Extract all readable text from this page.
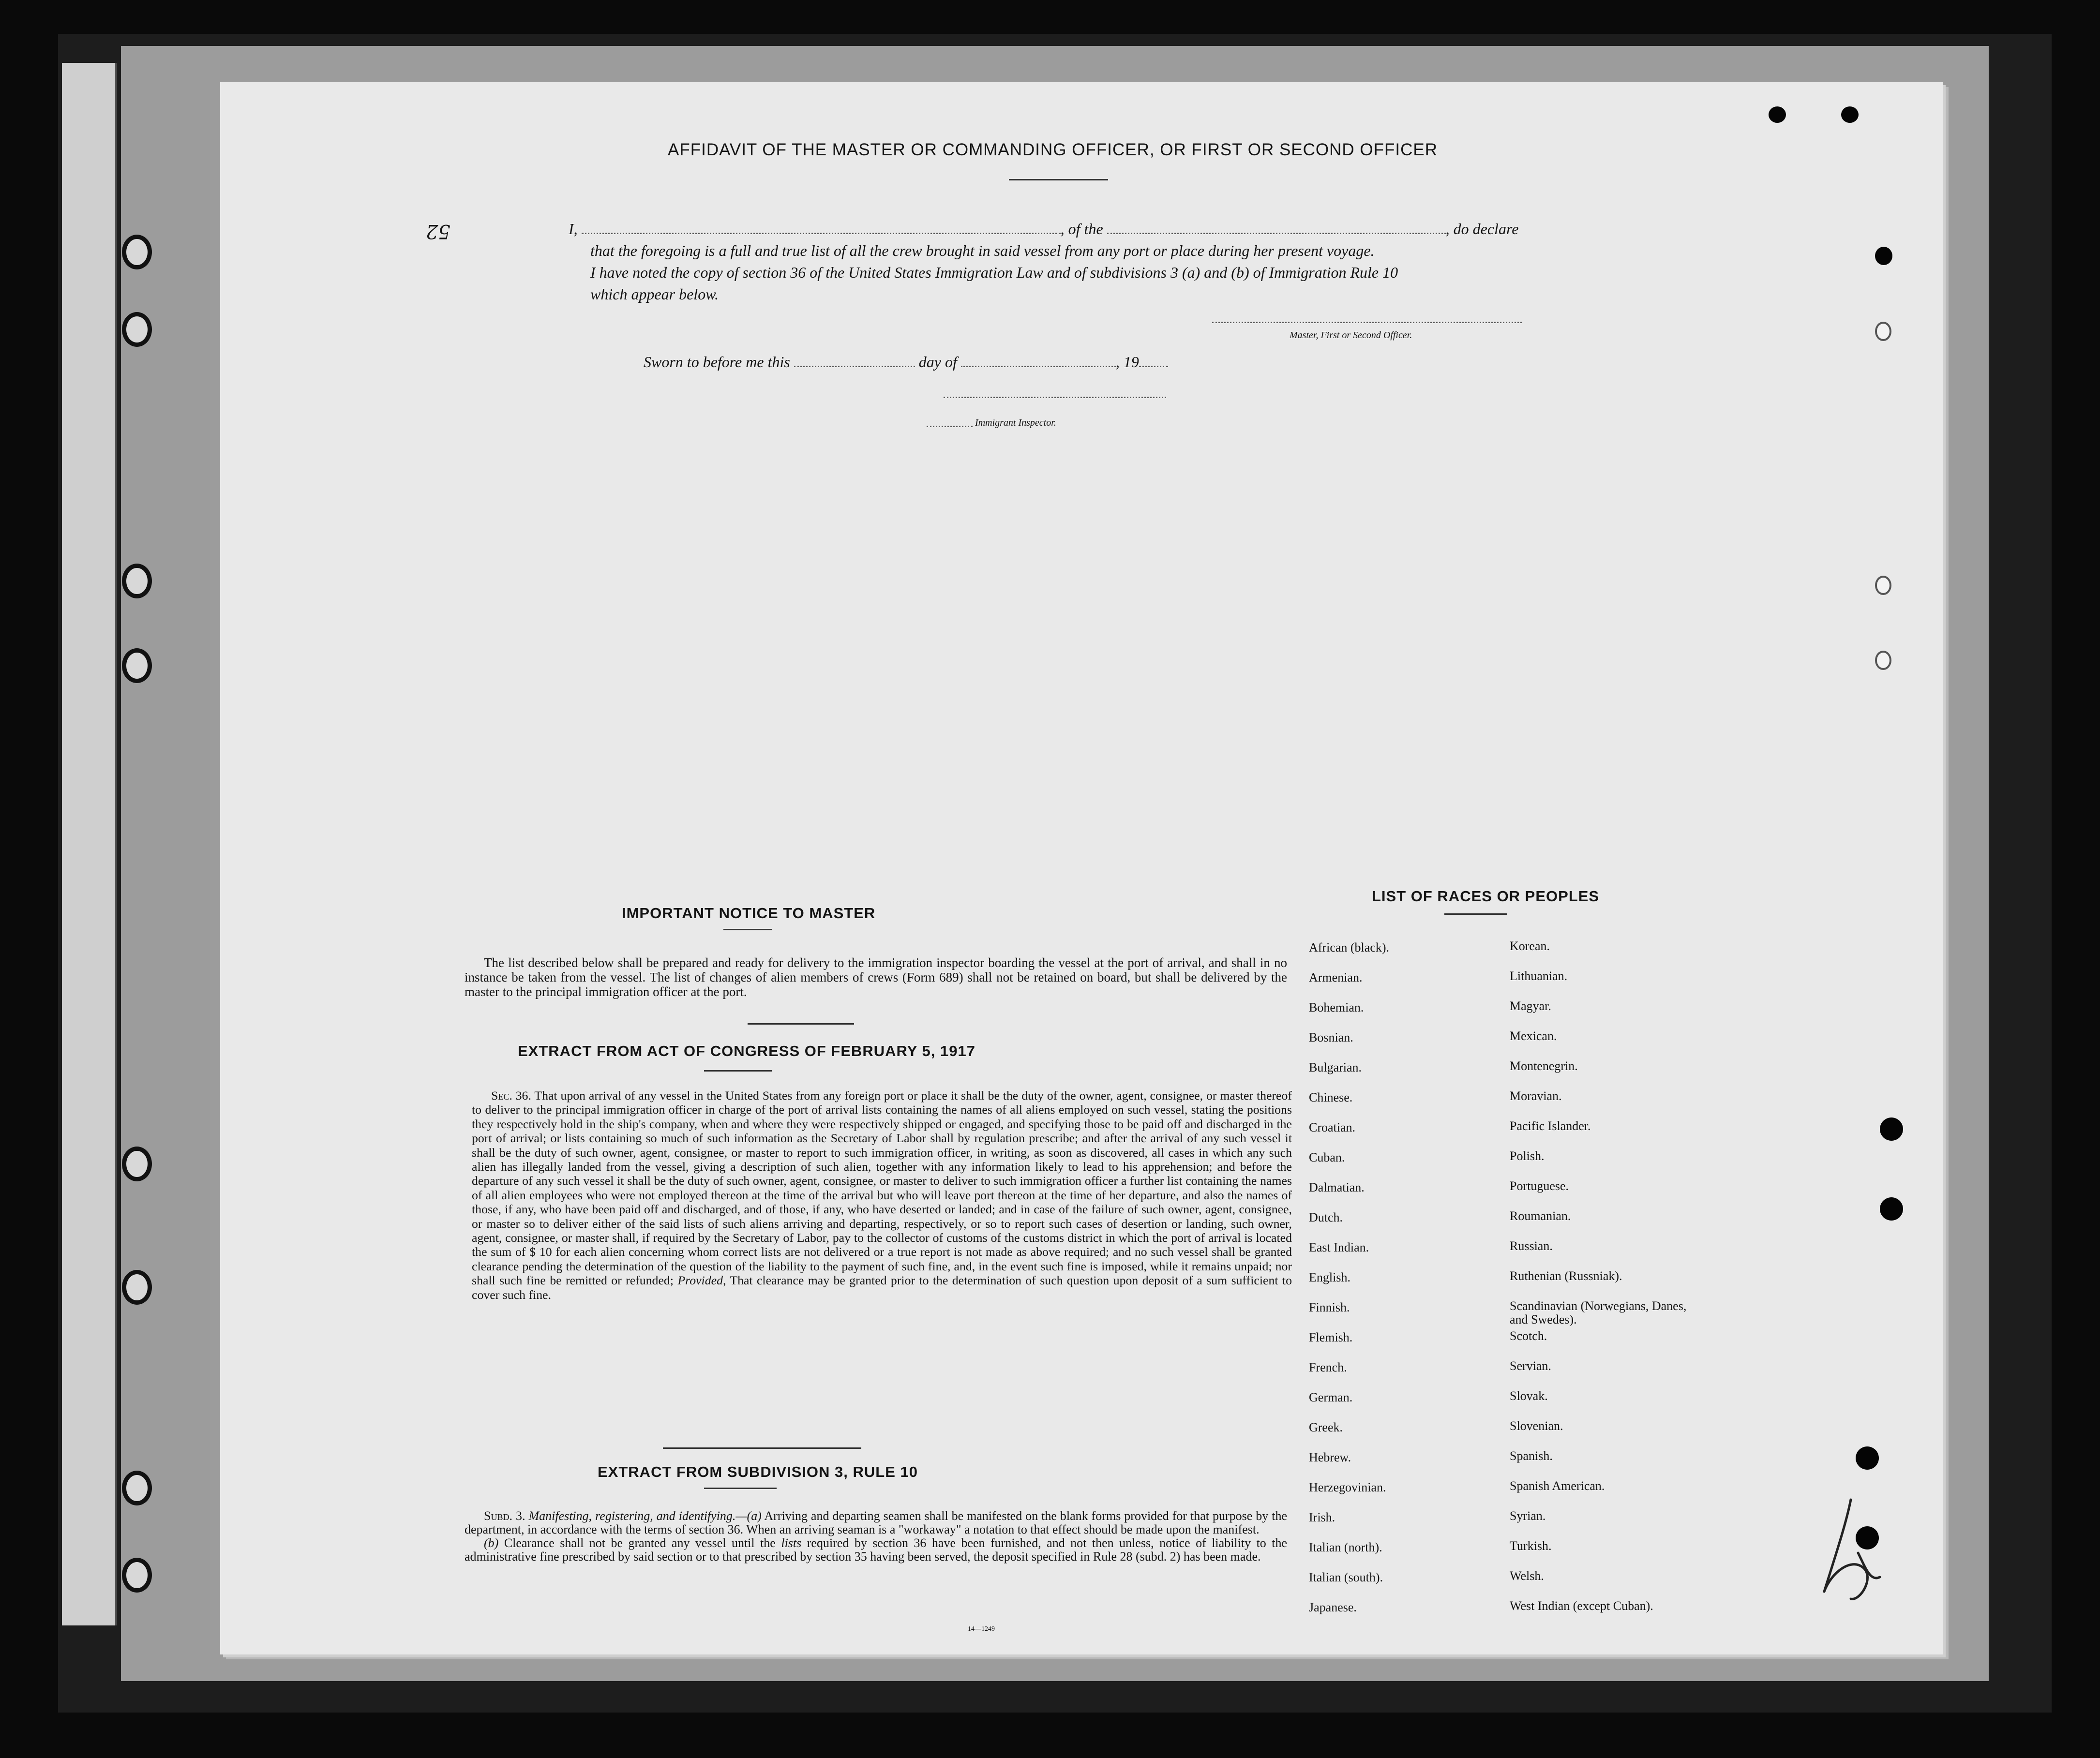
52
AFFIDAVIT OF THE MASTER OR COMMANDING OFFICER, OR FIRST OR SECOND OFFICER
I,	, of the	, do declare
that the foregoing is a full and true list of all the crew brought in said vessel from any port or place during her present voyage.
I have noted the copy of section 36 of the United States Immigration Law and of subdivisions 3 (a) and (b) of Immigration Rule 10
which appear below.
Master, First or Second Officer.
Sworn to before me this	day of	, 19
Immigrant Inspector.
IMPORTANT NOTICE TO MASTER
The list described below shall be prepared and ready for delivery to the immigration inspector boarding the vessel at the port of arrival, and shall in no instance be taken from the vessel. The list of changes of alien members of crews (Form 689) shall not be retained on board, but shall be delivered by the master to the principal immigration officer at the port.
EXTRACT FROM ACT OF CONGRESS OF FEBRUARY 5, 1917
Sec. 36. That upon arrival of any vessel in the United States from any foreign port or place it shall be the duty of the owner, agent, consignee, or master thereof to deliver to the principal immigration officer in charge of the port of arrival lists containing the names of all aliens employed on such vessel, stating the positions they respectively hold in the ship's company, when and where they were respectively shipped or engaged, and specifying those to be paid off and discharged in the port of arrival; or lists containing so much of such information as the Secretary of Labor shall by regulation prescribe; and after the arrival of any such vessel it shall be the duty of such owner, agent, consignee, or master to report to such immigration officer, in writing, as soon as discovered, all cases in which any such alien has illegally landed from the vessel, giving a description of such alien, together with any information likely to lead to his apprehension; and before the departure of any such vessel it shall be the duty of such owner, agent, consignee, or master to deliver to such immigration officer a further list containing the names of all alien employees who were not employed thereon at the time of the arrival but who will leave port thereon at the time of her departure, and also the names of those, if any, who have been paid off and discharged, and of those, if any, who have deserted or landed; and in case of the failure of such owner, agent, consignee, or master so to deliver either of the said lists of such aliens arriving and departing, respectively, or so to report such cases of desertion or landing, such owner, agent, consignee, or master shall, if required by the Secretary of Labor, pay to the collector of customs of the customs district in which the port of arrival is located the sum of $ 10 for each alien concerning whom correct lists are not delivered or a true report is not made as above required; and no such vessel shall be granted clearance pending the determination of the question of the liability to the payment of such fine, and, in the event such fine is imposed, while it remains unpaid; nor shall such fine be remitted or refunded; Provided, That clearance may be granted prior to the determination of such question upon deposit of a sum sufficient to cover such fine.
EXTRACT FROM SUBDIVISION 3, RULE 10
Subd. 3. Manifesting, registering, and identifying.—(a) Arriving and departing seamen shall be manifested on the blank forms provided for that purpose by the department, in accordance with the terms of section 36. When an arriving seaman is a "workaway" a notation to that effect should be made upon the manifest.
(b) Clearance shall not be granted any vessel until the lists required by section 36 have been furnished, and not then unless, notice of liability to the administrative fine prescribed by said section or to that prescribed by section 35 having been served, the deposit specified in Rule 28 (subd. 2) has been made.
14—1249
LIST OF RACES OR PEOPLES
African (black).
Armenian.
Bohemian.
Bosnian.
Bulgarian.
Chinese.
Croatian.
Cuban.
Dalmatian.
Dutch.
East Indian.
English.
Finnish.
Flemish.
French.
German.
Greek.
Hebrew.
Herzegovinian.
Irish.
Italian (north).
Italian (south).
Japanese.
Korean.
Lithuanian.
Magyar.
Mexican.
Montenegrin.
Moravian.
Pacific Islander.
Polish.
Portuguese.
Roumanian.
Russian.
Ruthenian (Russniak).
Scandinavian (Norwegians, Danes, and Swedes).
Scotch.
Servian.
Slovak.
Slovenian.
Spanish.
Spanish American.
Syrian.
Turkish.
Welsh.
West Indian (except Cuban).
